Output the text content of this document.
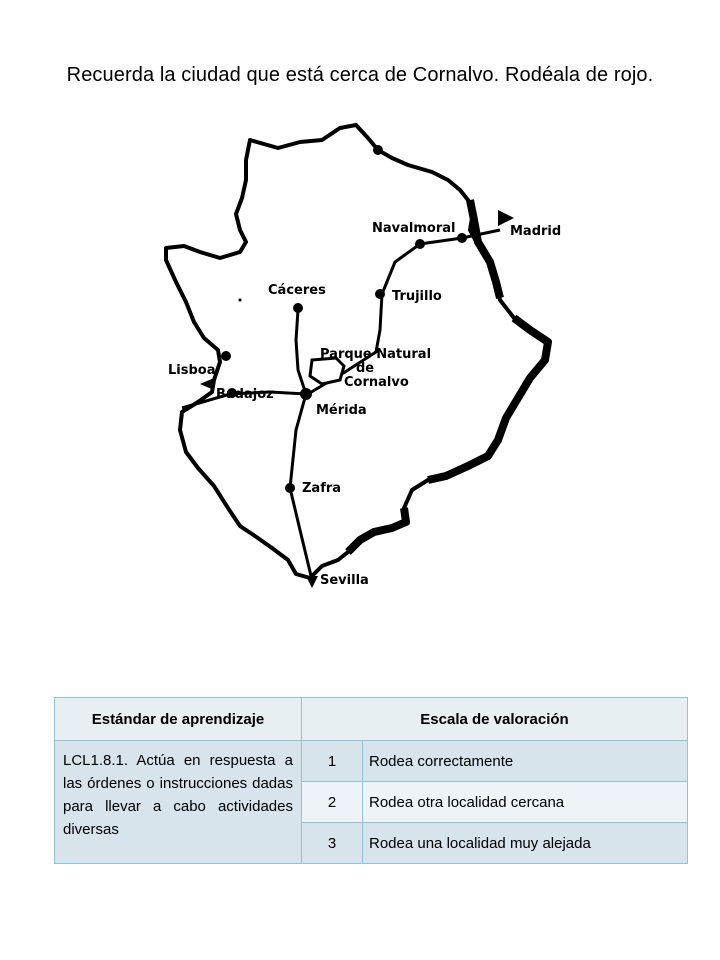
Recuerda la ciudad que está cerca de Cornalvo. Rodéala de rojo.
Navalmoral	Madrid
Cáceres	Trujillo
Parque Natural
de
Cornalvo
Lisboa
Badajoz
Mérida
Zafra
Sevilla
Estándar de aprendizaje	Escala de valoración	
LCL1.8.1. Actúa en respuesta a las órdenes o instrucciones dadas para llevar a cabo actividades diversas	1	Rodea correctamente
	2	Rodea otra localidad cercana
	3	Rodea una localidad muy alejada
